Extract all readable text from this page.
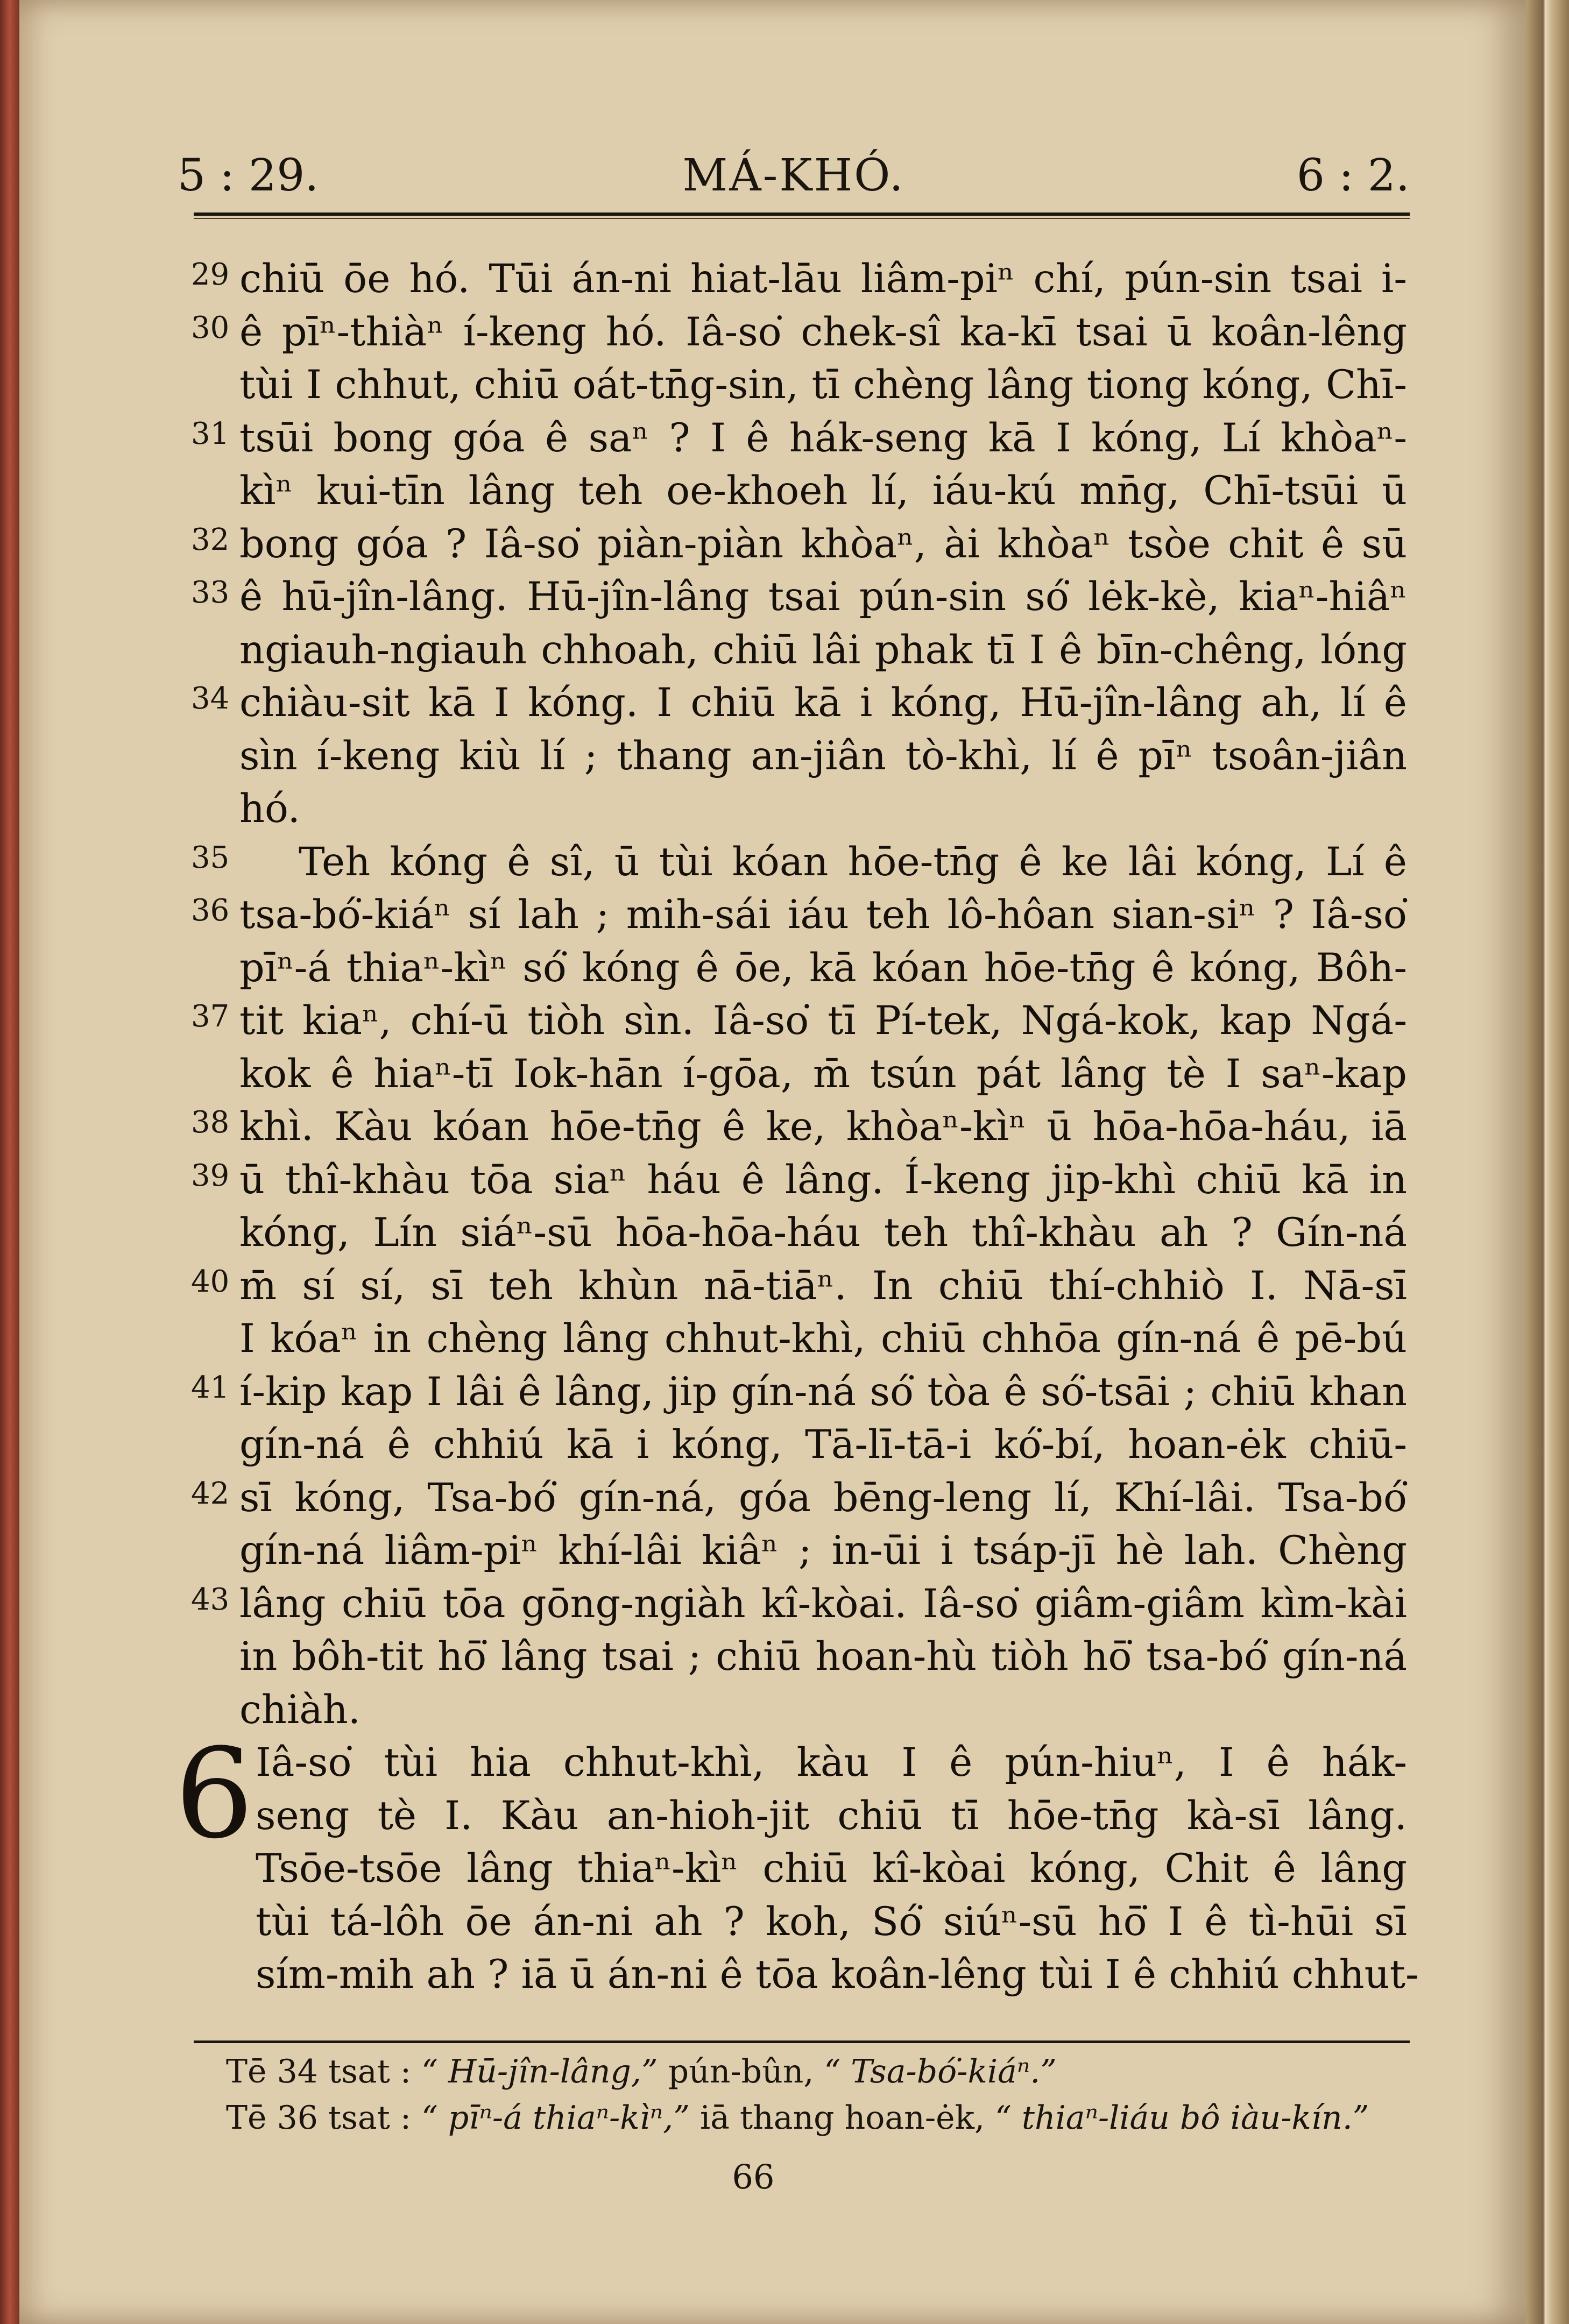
5 : 29.	MÁ-KHÓ.	6 : 2.
29 chiū ōe hó. Tūi án-ni hiat-lāu liâm-piⁿ chí, pún-sin tsai i-
30 ê pīⁿ-thiàⁿ í-keng hó. Iâ-so͘ chek-sî ka-kī tsai ū koân-lêng
tùi I chhut, chiū oát-tn̄g-sin, tī chèng lâng tiong kóng, Chī-
31 tsūi bong góa ê saⁿ ? I ê hák-seng kā I kóng, Lí khòaⁿ-
kìⁿ kui-tīn lâng teh oe-khoeh lí, iáu-kú mn̄g, Chī-tsūi ū
32 bong góa ? Iâ-so͘ piàn-piàn khòaⁿ, ài khòaⁿ tsòe chit ê sū
33 ê hū-jîn-lâng. Hū-jîn-lâng tsai pún-sin só͘ lėk-kè, kiaⁿ-hiâⁿ
ngiauh-ngiauh chhoah, chiū lâi phak tī I ê bīn-chêng, lóng
34 chiàu-sit kā I kóng. I chiū kā i kóng, Hū-jîn-lâng ah, lí ê
sìn í-keng kiù lí ; thang an-jiân tò-khì, lí ê pīⁿ tsoân-jiân
hó.
35 Teh kóng ê sî, ū tùi kóan hōe-tn̄g ê ke lâi kóng, Lí ê
36 tsa-bó͘-kiáⁿ sí lah ; mih-sái iáu teh lô-hôan sian-siⁿ ? Iâ-so͘
pīⁿ-á thiaⁿ-kìⁿ só͘ kóng ê ōe, kā kóan hōe-tn̄g ê kóng, Bôh-
37 tit kiaⁿ, chí-ū tiòh sìn. Iâ-so͘ tī Pí-tek, Ngá-kok, kap Ngá-
kok ê hiaⁿ-tī Iok-hān í-gōa, m̄ tsún pát lâng tè I saⁿ-kap
38 khì. Kàu kóan hōe-tn̄g ê ke, khòaⁿ-kìⁿ ū hōa-hōa-háu, iā
39 ū thî-khàu tōa siaⁿ háu ê lâng. Í-keng jip-khì chiū kā in
kóng, Lín siáⁿ-sū hōa-hōa-háu teh thî-khàu ah ? Gín-ná
40 m̄ sí sí, sī teh khùn nā-tiāⁿ. In chiū thí-chhiò I. Nā-sī
I kóaⁿ in chèng lâng chhut-khì, chiū chhōa gín-ná ê pē-bú
41 í-kip kap I lâi ê lâng, jip gín-ná só͘ tòa ê só͘-tsāi ; chiū khan
gín-ná ê chhiú kā i kóng, Tā-lī-tā-i kó͘-bí, hoan-ėk chiū-
42 sī kóng, Tsa-bó͘ gín-ná, góa bēng-leng lí, Khí-lâi. Tsa-bó͘
gín-ná liâm-piⁿ khí-lâi kiâⁿ ; in-ūi i tsáp-jī hè lah. Chèng
43 lâng chiū tōa gōng-ngiàh kî-kòai. Iâ-so͘ giâm-giâm kìm-kài
in bôh-tit hō͘ lâng tsai ; chiū hoan-hù tiòh hō͘ tsa-bó͘ gín-ná
chiàh.
6 Iâ-so͘ tùi hia chhut-khì, kàu I ê pún-hiuⁿ, I ê hák-
seng tè I. Kàu an-hioh-jit chiū tī hōe-tn̄g kà-sī lâng.
Tsōe-tsōe lâng thiaⁿ-kìⁿ chiū kî-kòai kóng, Chit ê lâng
tùi tá-lôh ōe án-ni ah ? koh, Só͘ siúⁿ-sū hō͘ I ê tì-hūi sī
sím-mih ah ? iā ū án-ni ê tōa koân-lêng tùi I ê chhiú chhut-
Tē 34 tsat : “ Hū-jîn-lâng,” pún-bûn, “ Tsa-bó͘-kiáⁿ.”
Tē 36 tsat : “ pīⁿ-á thiaⁿ-kìⁿ,” iā thang hoan-ėk, “ thiaⁿ-liáu bô iàu-kín.”
66
